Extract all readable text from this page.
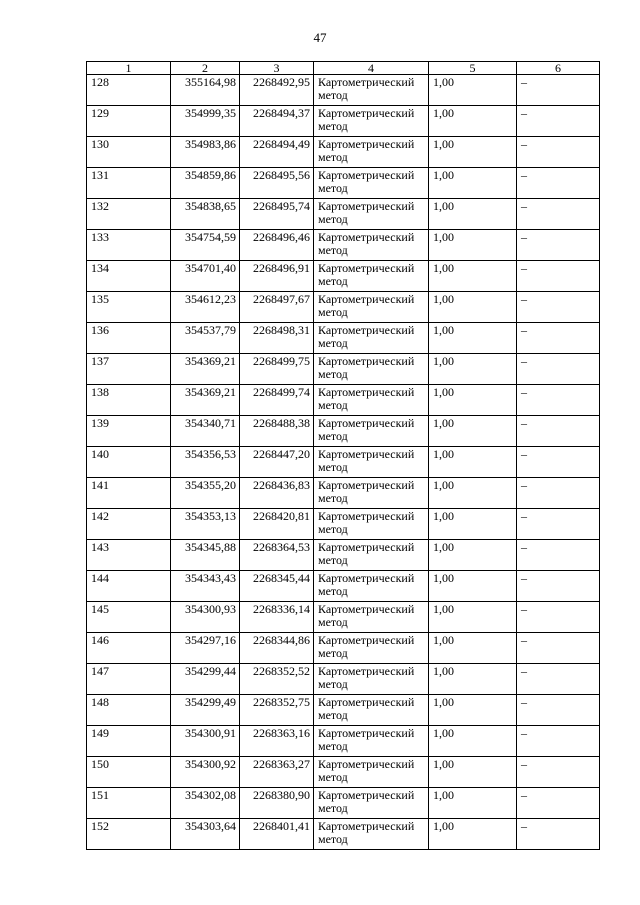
47
1	2	3	4	5	6
128	355164,98	2268492,95	Картометрический метод	1,00	–
129	354999,35	2268494,37	Картометрический метод	1,00	–
130	354983,86	2268494,49	Картометрический метод	1,00	–
131	354859,86	2268495,56	Картометрический метод	1,00	–
132	354838,65	2268495,74	Картометрический метод	1,00	–
133	354754,59	2268496,46	Картометрический метод	1,00	–
134	354701,40	2268496,91	Картометрический метод	1,00	–
135	354612,23	2268497,67	Картометрический метод	1,00	–
136	354537,79	2268498,31	Картометрический метод	1,00	–
137	354369,21	2268499,75	Картометрический метод	1,00	–
138	354369,21	2268499,74	Картометрический метод	1,00	–
139	354340,71	2268488,38	Картометрический метод	1,00	–
140	354356,53	2268447,20	Картометрический метод	1,00	–
141	354355,20	2268436,83	Картометрический метод	1,00	–
142	354353,13	2268420,81	Картометрический метод	1,00	–
143	354345,88	2268364,53	Картометрический метод	1,00	–
144	354343,43	2268345,44	Картометрический метод	1,00	–
145	354300,93	2268336,14	Картометрический метод	1,00	–
146	354297,16	2268344,86	Картометрический метод	1,00	–
147	354299,44	2268352,52	Картометрический метод	1,00	–
148	354299,49	2268352,75	Картометрический метод	1,00	–
149	354300,91	2268363,16	Картометрический метод	1,00	–
150	354300,92	2268363,27	Картометрический метод	1,00	–
151	354302,08	2268380,90	Картометрический метод	1,00	–
152	354303,64	2268401,41	Картометрический метод	1,00	–
